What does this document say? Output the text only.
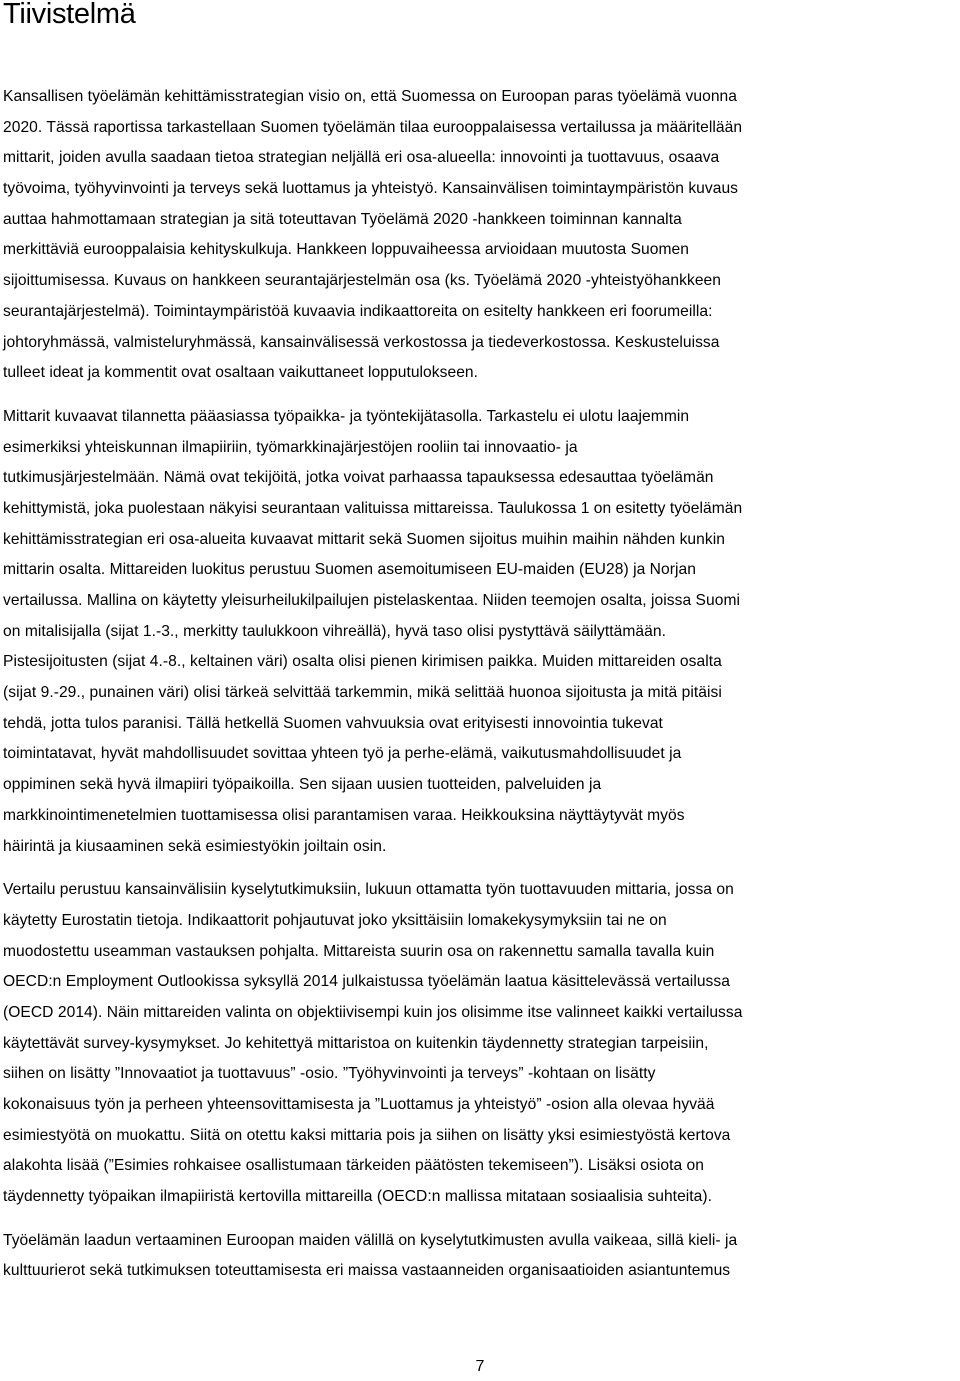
Tiivistelmä
Kansallisen työelämän kehittämisstrategian visio on, että Suomessa on Euroopan paras työelämä vuonna
2020. Tässä raportissa tarkastellaan Suomen työelämän tilaa eurooppalaisessa vertailussa ja määritellään
mittarit, joiden avulla saadaan tietoa strategian neljällä eri osa-alueella: innovointi ja tuottavuus, osaava
työvoima, työhyvinvointi ja terveys sekä luottamus ja yhteistyö. Kansainvälisen toimintaympäristön kuvaus
auttaa hahmottamaan strategian ja sitä toteuttavan Työelämä 2020 -hankkeen toiminnan kannalta
merkittäviä eurooppalaisia kehityskulkuja. Hankkeen loppuvaiheessa arvioidaan muutosta Suomen
sijoittumisessa. Kuvaus on hankkeen seurantajärjestelmän osa (ks. Työelämä 2020 -yhteistyöhankkeen
seurantajärjestelmä). Toimintaympäristöä kuvaavia indikaattoreita on esitelty hankkeen eri foorumeilla:
johtoryhmässä, valmisteluryhmässä, kansainvälisessä verkostossa ja tiedeverkostossa. Keskusteluissa
tulleet ideat ja kommentit ovat osaltaan vaikuttaneet lopputulokseen.
Mittarit kuvaavat tilannetta pääasiassa työpaikka- ja työntekijätasolla. Tarkastelu ei ulotu laajemmin
esimerkiksi yhteiskunnan ilmapiiriin, työmarkkinajärjestöjen rooliin tai innovaatio- ja
tutkimusjärjestelmään. Nämä ovat tekijöitä, jotka voivat parhaassa tapauksessa edesauttaa työelämän
kehittymistä, joka puolestaan näkyisi seurantaan valituissa mittareissa. Taulukossa 1 on esitetty työelämän
kehittämisstrategian eri osa-alueita kuvaavat mittarit sekä Suomen sijoitus muihin maihin nähden kunkin
mittarin osalta. Mittareiden luokitus perustuu Suomen asemoitumiseen EU-maiden (EU28) ja Norjan
vertailussa. Mallina on käytetty yleisurheilukilpailujen pistelaskentaa. Niiden teemojen osalta, joissa Suomi
on mitalisijalla (sijat 1.-3., merkitty taulukkoon vihreällä), hyvä taso olisi pystyttävä säilyttämään.
Pistesijoitusten (sijat 4.-8., keltainen väri) osalta olisi pienen kirimisen paikka. Muiden mittareiden osalta
(sijat 9.-29., punainen väri) olisi tärkeä selvittää tarkemmin, mikä selittää huonoa sijoitusta ja mitä pitäisi
tehdä, jotta tulos paranisi. Tällä hetkellä Suomen vahvuuksia ovat erityisesti innovointia tukevat
toimintatavat, hyvät mahdollisuudet sovittaa yhteen työ ja perhe-elämä, vaikutusmahdollisuudet ja
oppiminen sekä hyvä ilmapiiri työpaikoilla. Sen sijaan uusien tuotteiden, palveluiden ja
markkinointimenetelmien tuottamisessa olisi parantamisen varaa. Heikkouksina näyttäytyvät myös
häirintä ja kiusaaminen sekä esimiestyökin joiltain osin.
Vertailu perustuu kansainvälisiin kyselytutkimuksiin, lukuun ottamatta työn tuottavuuden mittaria, jossa on
käytetty Eurostatin tietoja. Indikaattorit pohjautuvat joko yksittäisiin lomakekysymyksiin tai ne on
muodostettu useamman vastauksen pohjalta. Mittareista suurin osa on rakennettu samalla tavalla kuin
OECD:n Employment Outlookissa syksyllä 2014 julkaistussa työelämän laatua käsittelevässä vertailussa
(OECD 2014). Näin mittareiden valinta on objektiivisempi kuin jos olisimme itse valinneet kaikki vertailussa
käytettävät survey-kysymykset. Jo kehitettyä mittaristoa on kuitenkin täydennetty strategian tarpeisiin,
siihen on lisätty ”Innovaatiot ja tuottavuus” -osio. ”Työhyvinvointi ja terveys” -kohtaan on lisätty
kokonaisuus työn ja perheen yhteensovittamisesta ja ”Luottamus ja yhteistyö” -osion alla olevaa hyvää
esimiestyötä on muokattu. Siitä on otettu kaksi mittaria pois ja siihen on lisätty yksi esimiestyöstä kertova
alakohta lisää (”Esimies rohkaisee osallistumaan tärkeiden päätösten tekemiseen”). Lisäksi osiota on
täydennetty työpaikan ilmapiiristä kertovilla mittareilla (OECD:n mallissa mitataan sosiaalisia suhteita).
Työelämän laadun vertaaminen Euroopan maiden välillä on kyselytutkimusten avulla vaikeaa, sillä kieli- ja
kulttuurierot sekä tutkimuksen toteuttamisesta eri maissa vastaanneiden organisaatioiden asiantuntemus
7
